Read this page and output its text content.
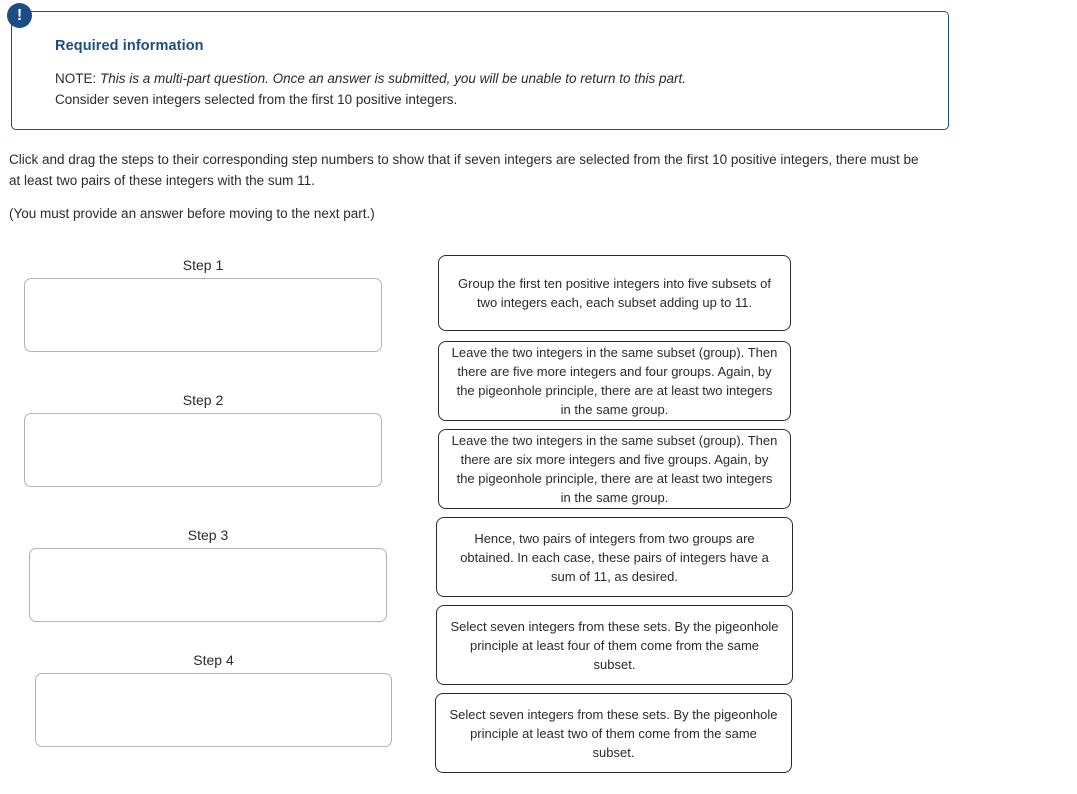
Required information
NOTE: This is a multi-part question. Once an answer is submitted, you will be unable to return to this part.
Consider seven integers selected from the first 10 positive integers.
!
Click and drag the steps to their corresponding step numbers to show that if seven integers are selected from the first 10 positive integers, there must be at least two pairs of these integers with the sum 11.
(You must provide an answer before moving to the next part.)
Step 1
Step 2
Step 3
Step 4
Group the first ten positive integers into five subsets of two integers each, each subset adding up to 11.
Leave the two integers in the same subset (group). Then there are five more integers and four groups. Again, by the pigeonhole principle, there are at least two integers in the same group.
Leave the two integers in the same subset (group). Then there are six more integers and five groups. Again, by the pigeonhole principle, there are at least two integers in the same group.
Hence, two pairs of integers from two groups are obtained. In each case, these pairs of integers have a sum of 11, as desired.
Select seven integers from these sets. By the pigeonhole principle at least four of them come from the same subset.
Select seven integers from these sets. By the pigeonhole principle at least two of them come from the same subset.
